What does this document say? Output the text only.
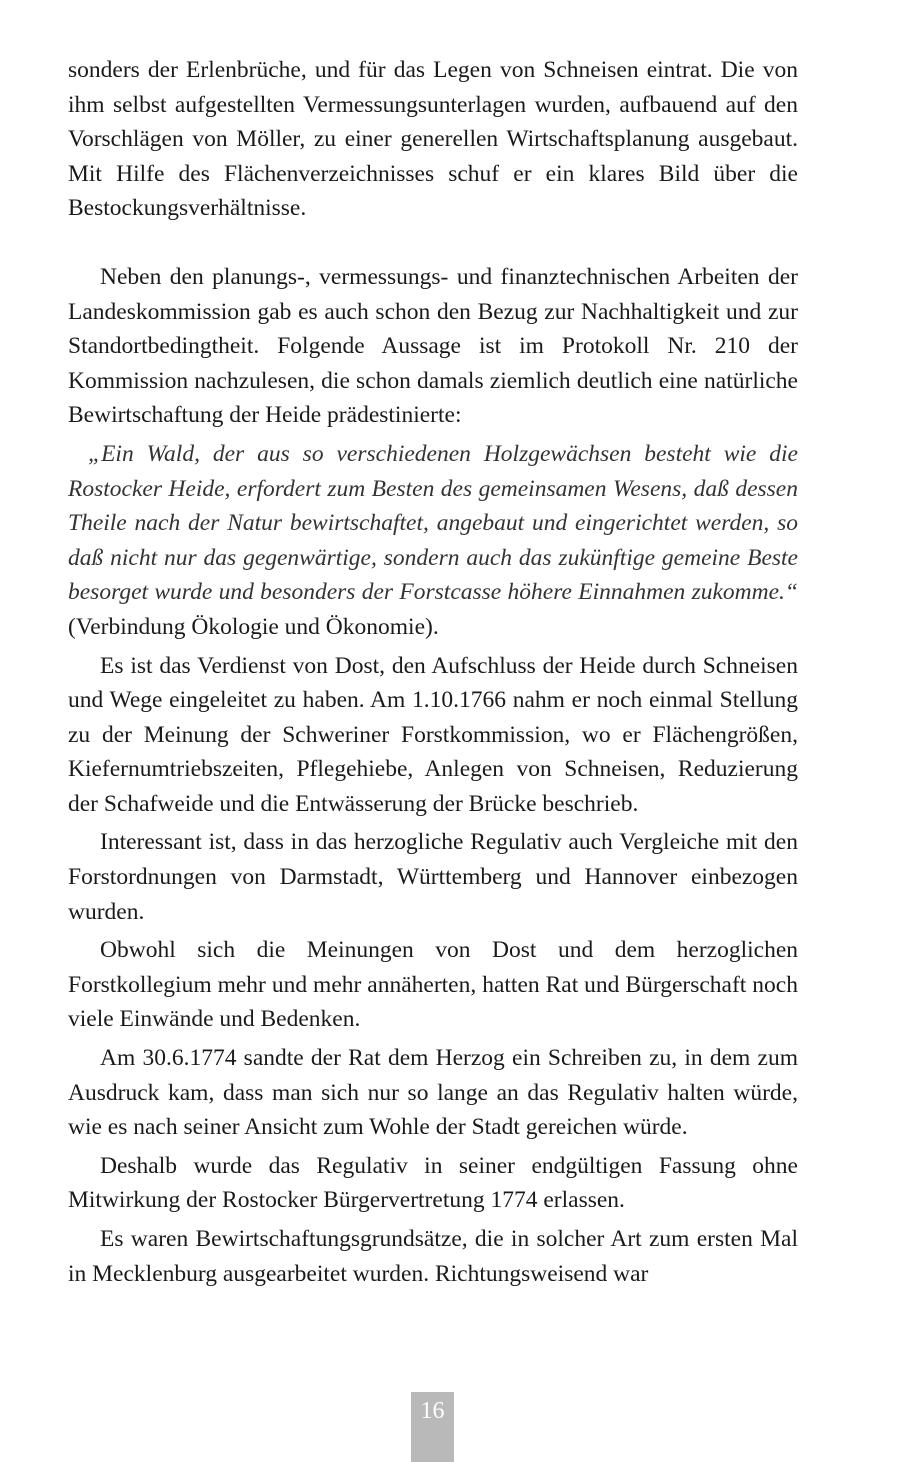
sonders der Erlenbrüche, und für das Legen von Schneisen eintrat. Die von ihm selbst aufgestellten Vermessungsunterlagen wurden, aufbauend auf den Vorschlägen von Möller, zu einer generellen Wirtschaftsplanung ausgebaut. Mit Hilfe des Flächenverzeichnisses schuf er ein klares Bild über die Bestockungsverhältnisse.

Neben den planungs-, vermessungs- und finanztechnischen Arbeiten der Landeskommission gab es auch schon den Bezug zur Nachhaltigkeit und zur Standortbedingtheit. Folgende Aussage ist im Protokoll Nr. 210 der Kommission nachzulesen, die schon damals ziemlich deutlich eine natürliche Bewirtschaftung der Heide prädestinierte:

„Ein Wald, der aus so verschiedenen Holzgewächsen besteht wie die Rostocker Heide, erfordert zum Besten des gemeinsamen Wesens, daß dessen Theile nach der Natur bewirtschaftet, angebaut und eingerichtet werden, so daß nicht nur das gegenwärtige, sondern auch das zukünftige gemeine Beste besorget wurde und besonders der Forstcasse höhere Einnahmen zukomme.“ (Verbindung Ökologie und Ökonomie).

Es ist das Verdienst von Dost, den Aufschluss der Heide durch Schneisen und Wege eingeleitet zu haben. Am 1.10.1766 nahm er noch einmal Stellung zu der Meinung der Schweriner Forstkommission, wo er Flächengrößen, Kiefernumtriebszeiten, Pflegehiebe, Anlegen von Schneisen, Reduzierung der Schafweide und die Entwässerung der Brücke beschrieb.

Interessant ist, dass in das herzogliche Regulativ auch Vergleiche mit den Forstordnungen von Darmstadt, Württemberg und Hannover einbezogen wurden.

Obwohl sich die Meinungen von Dost und dem herzoglichen Forstkollegium mehr und mehr annäherten, hatten Rat und Bürgerschaft noch viele Einwände und Bedenken.

Am 30.6.1774 sandte der Rat dem Herzog ein Schreiben zu, in dem zum Ausdruck kam, dass man sich nur so lange an das Regulativ halten würde, wie es nach seiner Ansicht zum Wohle der Stadt gereichen würde.

Deshalb wurde das Regulativ in seiner endgültigen Fassung ohne Mitwirkung der Rostocker Bürgervertretung 1774 erlassen.

Es waren Bewirtschaftungsgrundsätze, die in solcher Art zum ersten Mal in Mecklenburg ausgearbeitet wurden. Richtungsweisend war

16
